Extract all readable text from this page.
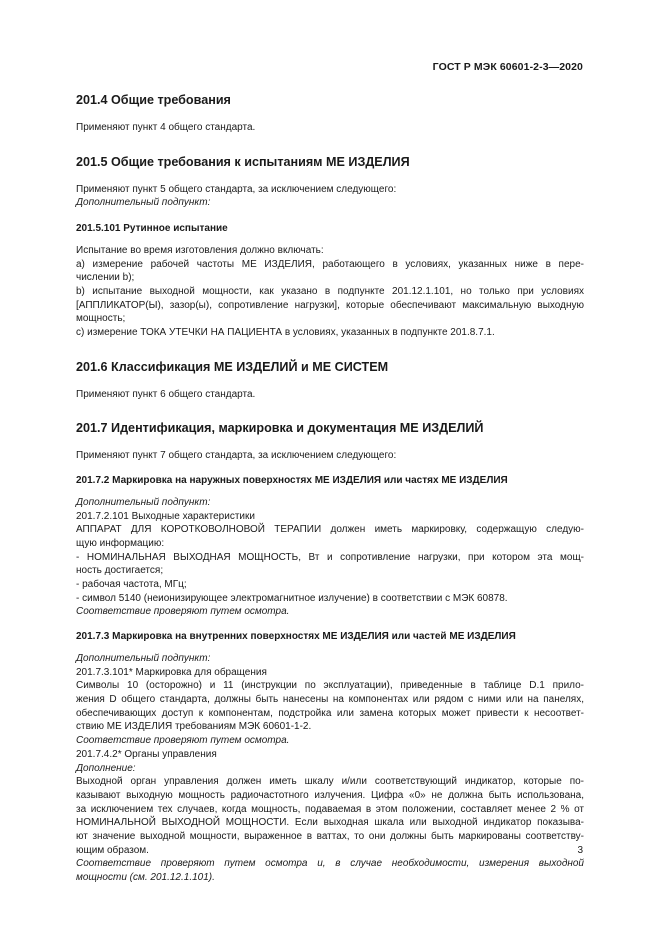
ГОСТ Р МЭК 60601-2-3—2020
201.4 Общие требования
Применяют пункт 4 общего стандарта.
201.5 Общие требования к испытаниям МЕ ИЗДЕЛИЯ
Применяют пункт 5 общего стандарта, за исключением следующего:
Дополнительный подпункт:
201.5.101 Рутинное испытание
Испытание во время изготовления должно включать:
a) измерение рабочей частоты МЕ ИЗДЕЛИЯ, работающего в условиях, указанных ниже в пере-
числении b);
b) испытание выходной мощности, как указано в подпункте 201.12.1.101, но только при условиях
[АППЛИКАТОР(Ы), зазор(ы), сопротивление нагрузки], которые обеспечивают максимальную выходную
мощность;
c) измерение ТОКА УТЕЧКИ НА ПАЦИЕНТА в условиях, указанных в подпункте 201.8.7.1.
201.6 Классификация МЕ ИЗДЕЛИЙ и МЕ СИСТЕМ
Применяют пункт 6 общего стандарта.
201.7 Идентификация, маркировка и документация МЕ ИЗДЕЛИЙ
Применяют пункт 7 общего стандарта, за исключением следующего:
201.7.2 Маркировка на наружных поверхностях МЕ ИЗДЕЛИЯ или частях МЕ ИЗДЕЛИЯ
Дополнительный подпункт:
201.7.2.101 Выходные характеристики
АППАРАТ ДЛЯ КОРОТКОВОЛНОВОЙ ТЕРАПИИ должен иметь маркировку, содержащую следую-
щую информацию:
- НОМИНАЛЬНАЯ ВЫХОДНАЯ МОЩНОСТЬ, Вт и сопротивление нагрузки, при котором эта мощ-
ность достигается;
- рабочая частота, МГц;
- символ 5140 (неионизирующее электромагнитное излучение) в соответствии с МЭК 60878.
Соответствие проверяют путем осмотра.
201.7.3 Маркировка на внутренних поверхностях МЕ ИЗДЕЛИЯ или частей МЕ ИЗДЕЛИЯ
Дополнительный подпункт:
201.7.3.101* Маркировка для обращения
Символы 10 (осторожно) и 11 (инструкции по эксплуатации), приведенные в таблице D.1 прило-
жения D общего стандарта, должны быть нанесены на компонентах или рядом с ними или на панелях,
обеспечивающих доступ к компонентам, подстройка или замена которых может привести к несоответ-
ствию МЕ ИЗДЕЛИЯ требованиям МЭК 60601-1-2.
Соответствие проверяют путем осмотра.
201.7.4.2* Органы управления
Дополнение:
Выходной орган управления должен иметь шкалу и/или соответствующий индикатор, которые по-
казывают выходную мощность радиочастотного излучения. Цифра «0» не должна быть использована,
за исключением тех случаев, когда мощность, подаваемая в этом положении, составляет менее 2 % от
НОМИНАЛЬНОЙ ВЫХОДНОЙ МОЩНОСТИ. Если выходная шкала или выходной индикатор показыва-
ют значение выходной мощности, выраженное в ваттах, то они должны быть маркированы соответству-
ющим образом.
Соответствие проверяют путем осмотра и, в случае необходимости, измерения выходной
мощности (см. 201.12.1.101).
3
